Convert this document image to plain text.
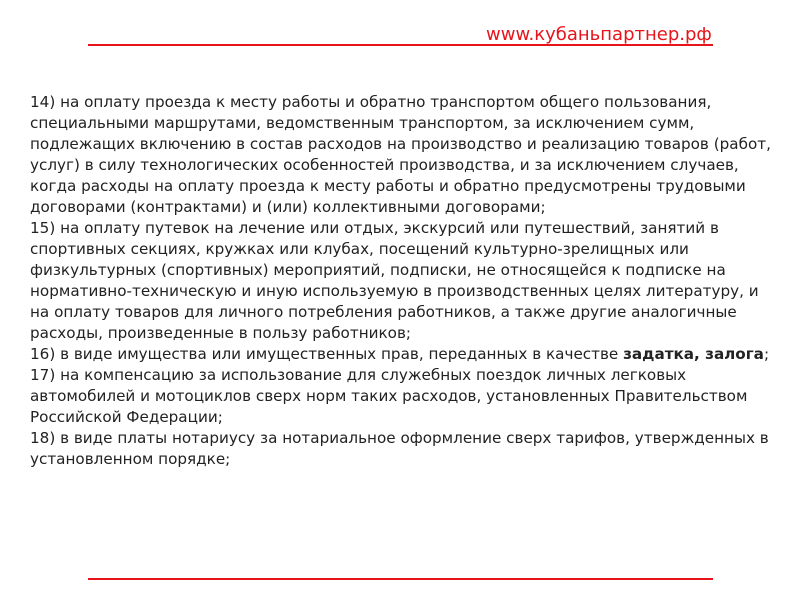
www.кубаньпартнер.рф

14) на оплату проезда к месту работы и обратно транспортом общего пользования, специальными маршрутами, ведомственным транспортом, за исключением сумм, подлежащих включению в состав расходов на производство и реализацию товаров (работ, услуг) в силу технологических особенностей производства, и за исключением случаев, когда расходы на оплату проезда к месту работы и обратно предусмотрены трудовыми договорами (контрактами) и (или) коллективными договорами;

15) на оплату путевок на лечение или отдых, экскурсий или путешествий, занятий в спортивных секциях, кружках или клубах, посещений культурно-зрелищных или физкультурных (спортивных) мероприятий, подписки, не относящейся к подписке на нормативно-техническую и иную используемую в производственных целях литературу, и на оплату товаров для личного потребления работников, а также другие аналогичные расходы, произведенные в пользу работников;

16) в виде имущества или имущественных прав, переданных в качестве задатка, залога;

17) на компенсацию за использование для служебных поездок личных легковых автомобилей и мотоциклов сверх норм таких расходов, установленных Правительством Российской Федерации;

18) в виде платы нотариусу за нотариальное оформление сверх тарифов, утвержденных в установленном порядке;
